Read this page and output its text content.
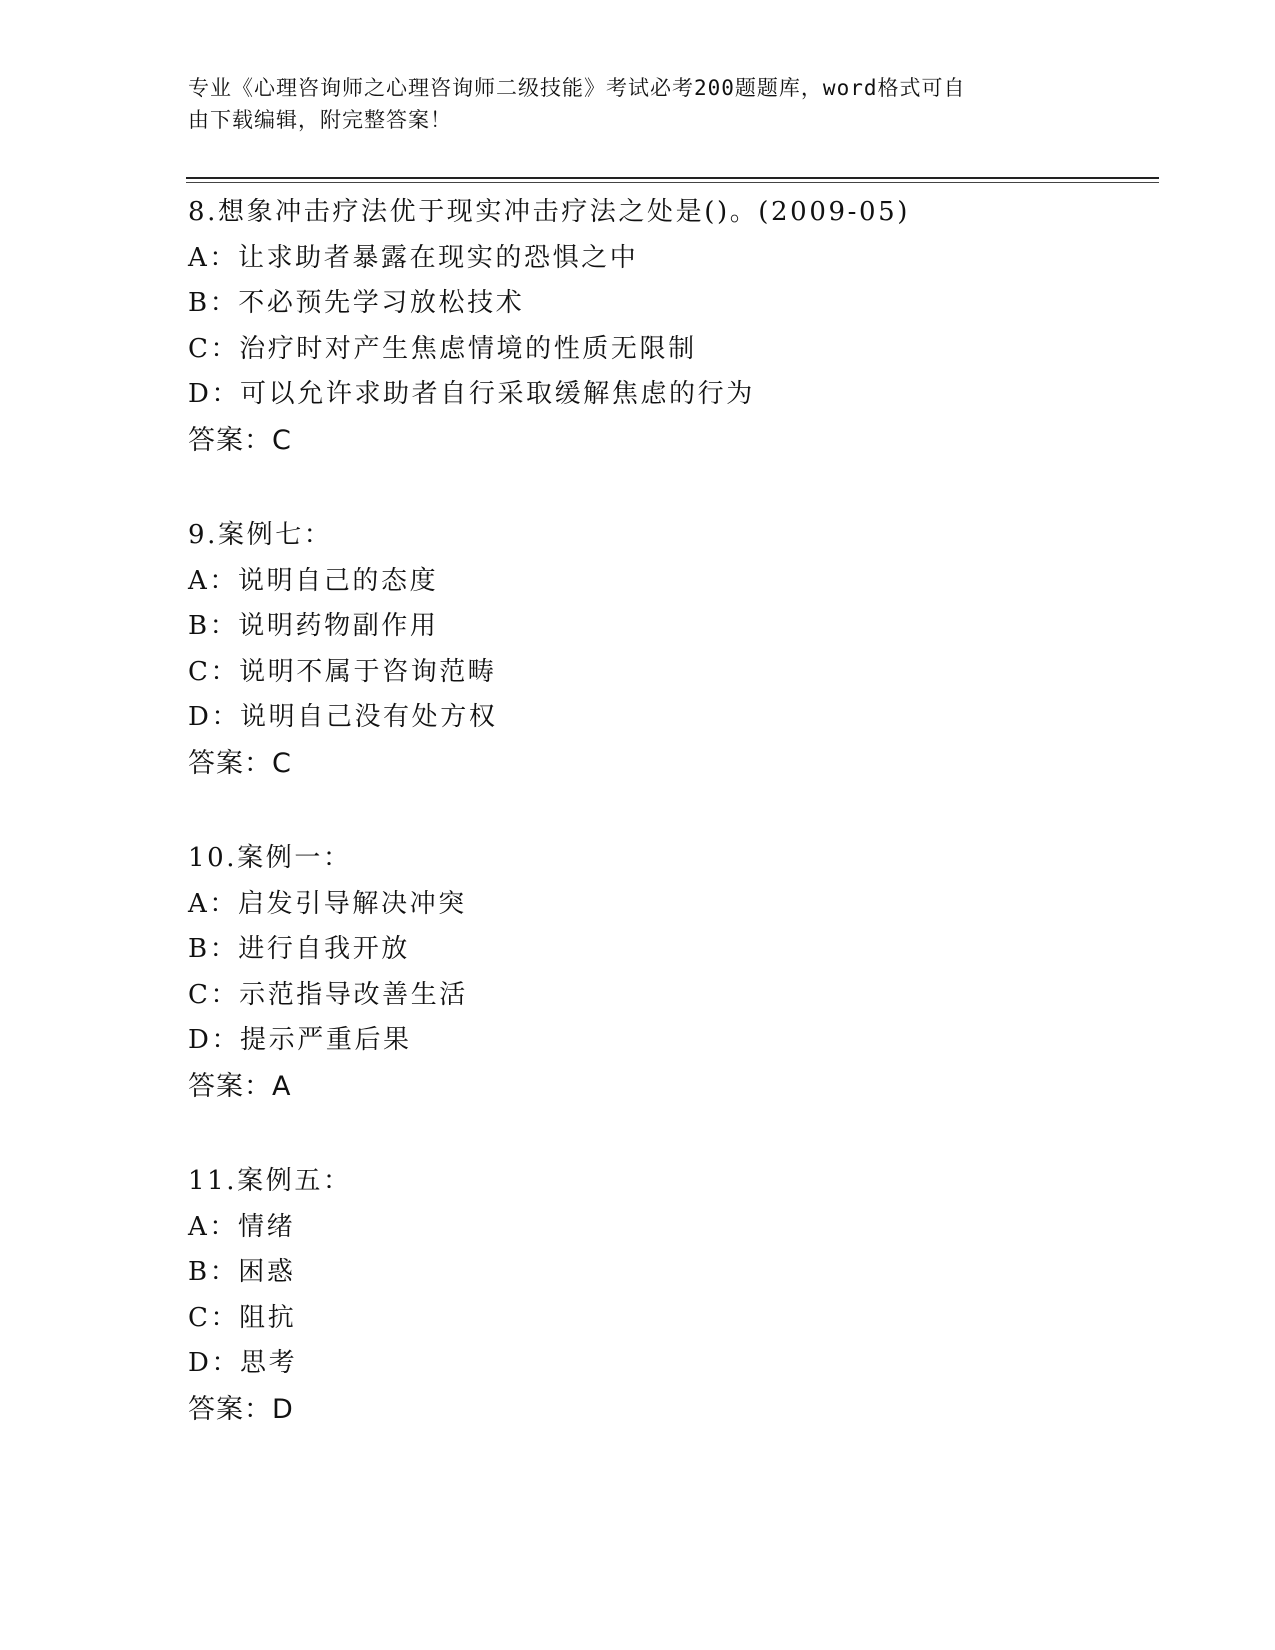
专业《心理咨询师之心理咨询师二级技能》考试必考200题题库，word格式可自
由下载编辑，附完整答案！
8.想象冲击疗法优于现实冲击疗法之处是()。(2009-05)
A：让求助者暴露在现实的恐惧之中
B：不必预先学习放松技术
C：治疗时对产生焦虑情境的性质无限制
D：可以允许求助者自行采取缓解焦虑的行为
答案：C
9.案例七：
A：说明自己的态度
B：说明药物副作用
C：说明不属于咨询范畴
D：说明自己没有处方权
答案：C
10.案例一：
A：启发引导解决冲突
B：进行自我开放
C：示范指导改善生活
D：提示严重后果
答案：A
11.案例五：
A：情绪
B：困惑
C：阻抗
D：思考
答案：D
